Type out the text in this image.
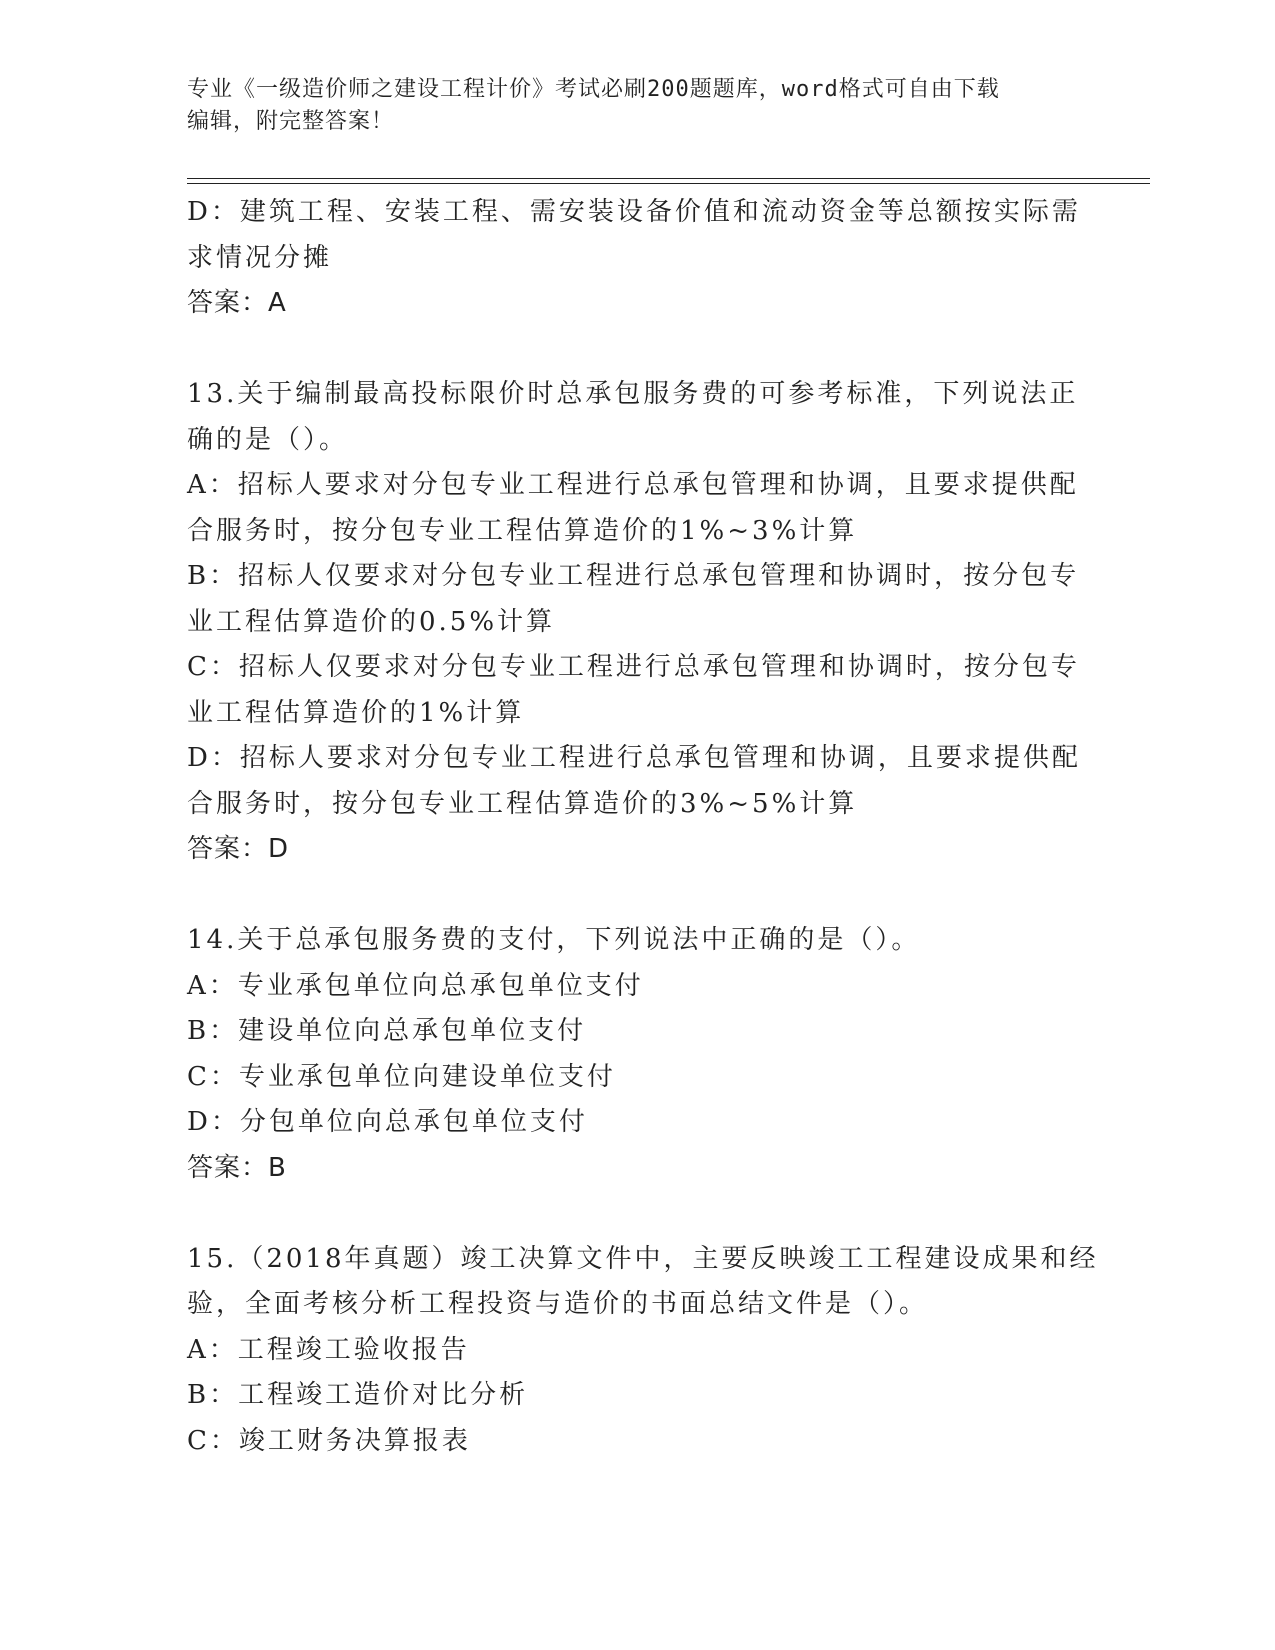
专业《一级造价师之建设工程计价》考试必刷200题题库，word格式可自由下载
编辑，附完整答案！
D：建筑工程、安装工程、需安装设备价值和流动资金等总额按实际需
求情况分摊
答案：A
13.关于编制最高投标限价时总承包服务费的可参考标准，下列说法正
确的是（）。
A：招标人要求对分包专业工程进行总承包管理和协调，且要求提供配
合服务时，按分包专业工程估算造价的1%~3%计算
B：招标人仅要求对分包专业工程进行总承包管理和协调时，按分包专
业工程估算造价的0.5%计算
C：招标人仅要求对分包专业工程进行总承包管理和协调时，按分包专
业工程估算造价的1%计算
D：招标人要求对分包专业工程进行总承包管理和协调，且要求提供配
合服务时，按分包专业工程估算造价的3%~5%计算
答案：D
14.关于总承包服务费的支付，下列说法中正确的是（）。
A：专业承包单位向总承包单位支付
B：建设单位向总承包单位支付
C：专业承包单位向建设单位支付
D：分包单位向总承包单位支付
答案：B
15.（2018年真题）竣工决算文件中，主要反映竣工工程建设成果和经
验，全面考核分析工程投资与造价的书面总结文件是（）。
A：工程竣工验收报告
B：工程竣工造价对比分析
C：竣工财务决算报表
